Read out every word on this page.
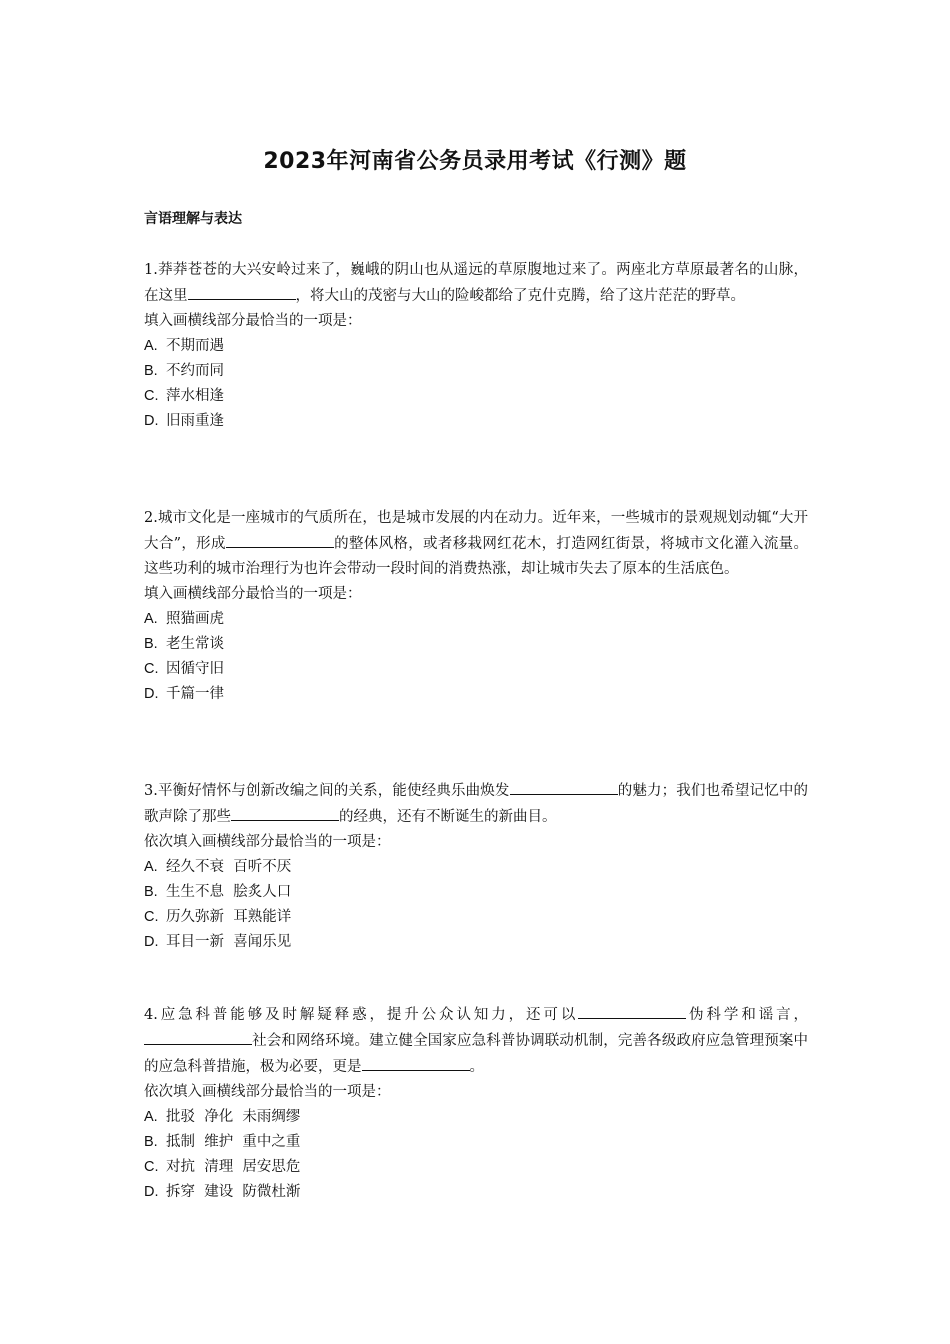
2023年河南省公务员录用考试《行测》题
言语理解与表达
1.莽莽苍苍的大兴安岭过来了，巍峨的阴山也从遥远的草原腹地过来了。两座北方草原最著名的山脉，在这里	，将大山的茂密与大山的险峻都给了克什克腾，给了这片茫茫的野草。
填入画横线部分最恰当的一项是：
A. 不期而遇
B. 不约而同
C. 萍水相逢
D. 旧雨重逢
2.城市文化是一座城市的气质所在，也是城市发展的内在动力。近年来，一些城市的景观规划动辄“大开大合”，形成	的整体风格，或者移栽网红花木，打造网红街景，将城市文化灌入流量。这些功利的城市治理行为也许会带动一段时间的消费热涨，却让城市失去了原本的生活底色。
填入画横线部分最恰当的一项是：
A. 照猫画虎
B. 老生常谈
C. 因循守旧
D. 千篇一律
3.平衡好情怀与创新改编之间的关系，能使经典乐曲焕发	的魅力；我们也希望记忆中的歌声除了那些	的经典，还有不断诞生的新曲目。
依次填入画横线部分最恰当的一项是：
A. 经久不衰  百听不厌
B. 生生不息  脍炙人口
C. 历久弥新  耳熟能详
D. 耳目一新  喜闻乐见
4.应急科普能够及时解疑释惑，提升公众认知力，还可以	伪科学和谣言，社会和网络环境。建立健全国家应急科普协调联动机制，完善各级政府应急管理预案中的应急科普措施，极为必要，更是	。
依次填入画横线部分最恰当的一项是：
A. 批驳  净化  未雨绸缪
B. 抵制  维护  重中之重
C. 对抗  清理  居安思危
D. 拆穿  建设  防微杜渐
